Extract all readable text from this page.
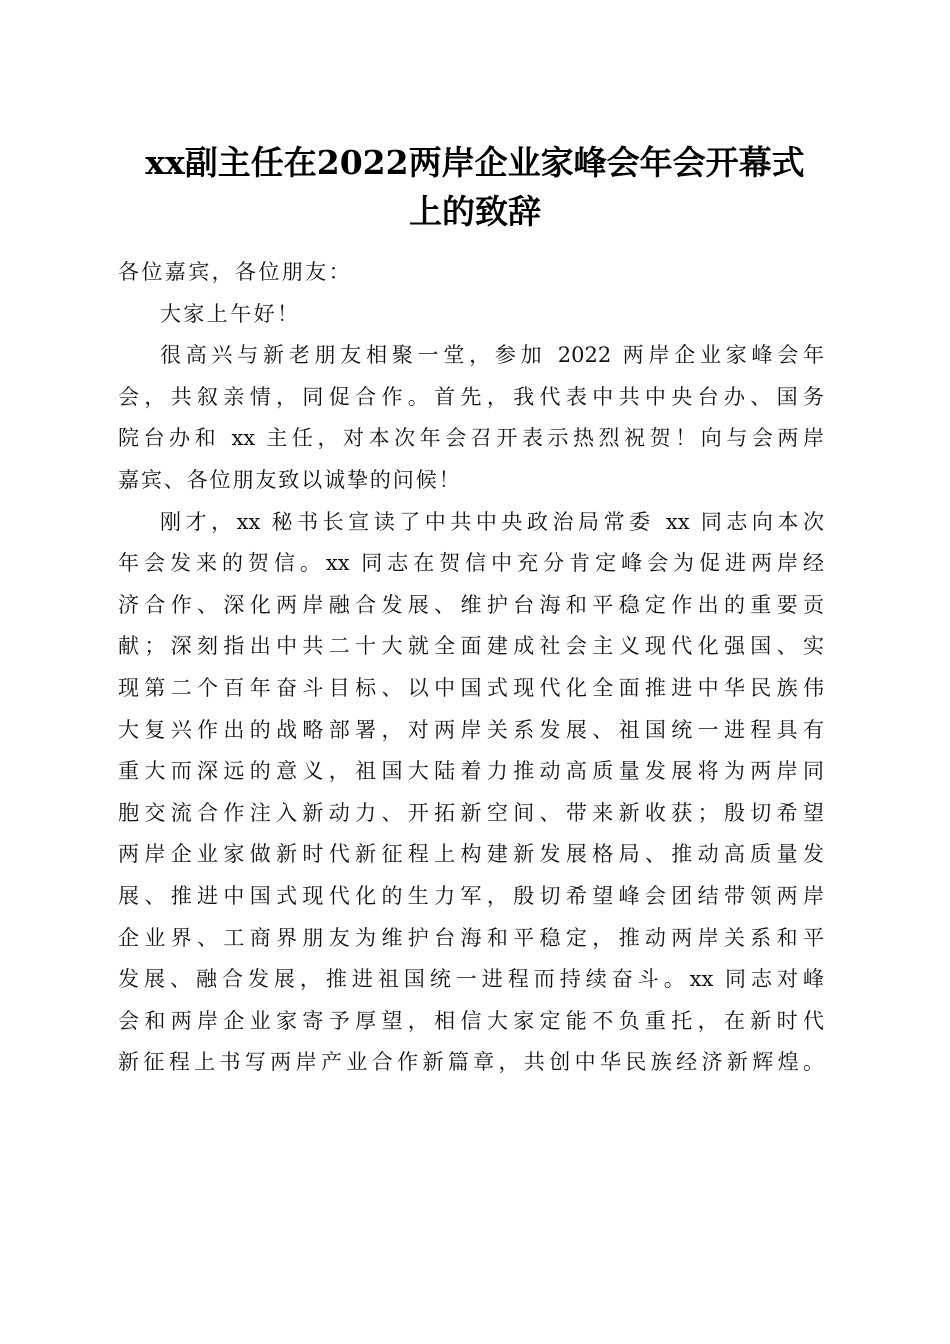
xx副主任在2022两岸企业家峰会年会开幕式
上的致辞
各位嘉宾，各位朋友：
大家上午好！
很高兴与新老朋友相聚一堂，参加 2022 两岸企业家峰会年
会，共叙亲情，同促合作。首先，我代表中共中央台办、国务
院台办和 xx 主任，对本次年会召开表示热烈祝贺！向与会两岸
嘉宾、各位朋友致以诚挚的问候！
刚才，xx 秘书长宣读了中共中央政治局常委 xx 同志向本次
年会发来的贺信。xx 同志在贺信中充分肯定峰会为促进两岸经
济合作、深化两岸融合发展、维护台海和平稳定作出的重要贡
献；深刻指出中共二十大就全面建成社会主义现代化强国、实
现第二个百年奋斗目标、以中国式现代化全面推进中华民族伟
大复兴作出的战略部署，对两岸关系发展、祖国统一进程具有
重大而深远的意义，祖国大陆着力推动高质量发展将为两岸同
胞交流合作注入新动力、开拓新空间、带来新收获；殷切希望
两岸企业家做新时代新征程上构建新发展格局、推动高质量发
展、推进中国式现代化的生力军，殷切希望峰会团结带领两岸
企业界、工商界朋友为维护台海和平稳定，推动两岸关系和平
发展、融合发展，推进祖国统一进程而持续奋斗。xx 同志对峰
会和两岸企业家寄予厚望，相信大家定能不负重托，在新时代
新征程上书写两岸产业合作新篇章，共创中华民族经济新辉煌。
